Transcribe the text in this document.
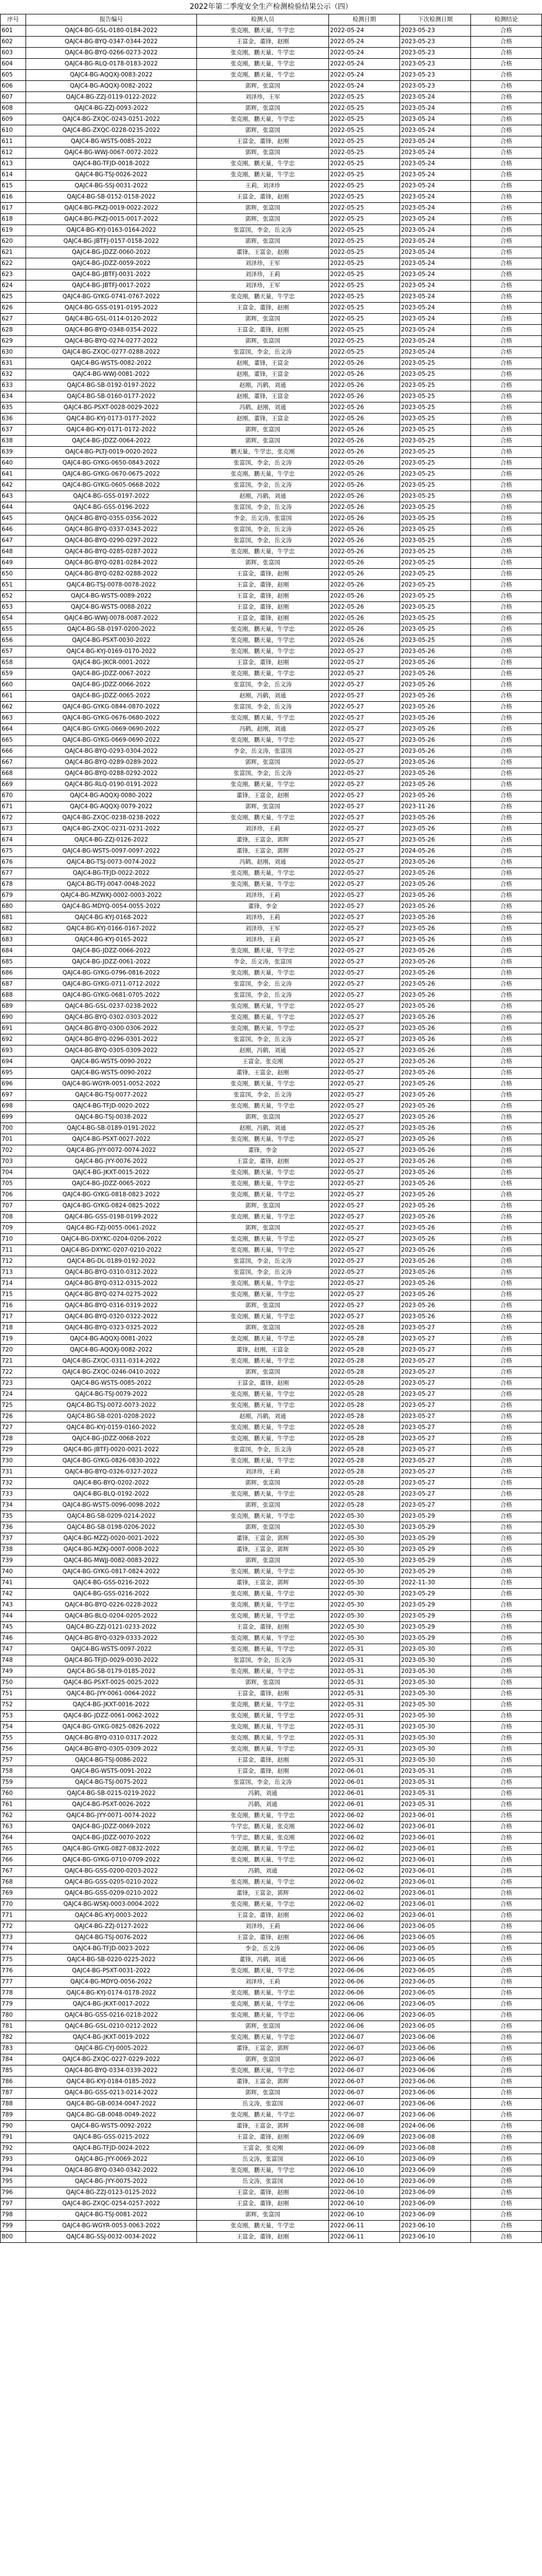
2022年第二季度安全生产检测检验结果公示（四）
序号	报告编号	检测人员	检测日期	下次检测日期	检测结论
601	QAJC4-BG-GSL-0180-0184-2022	张克刚，鹏天量，牛学忠	2022-05-24	2023-05-23	合格
602	QAJC4-BG-BYQ-0347-0344-2022	王富金，董锋，赵刚	2022-05-24	2023-05-23	合格
603	QAJC4-BG-BYQ-0266-0273-2022	张克刚，鹏天量，牛学忠	2022-05-24	2023-05-23	合格
604	QAJC4-BG-RLQ-0178-0183-2022	张克刚，鹏天量，牛学忠	2022-05-24	2023-05-23	合格
605	QAJC4-BG-AQQXJ-0083-2022	张克刚，鹏天量，牛学忠	2022-05-24	2023-05-23	合格
606	QAJC4-BG-AQQXJ-0082-2022	郭辉，张富国	2022-05-24	2023-05-23	合格
607	QAJC4-BG-ZZJ-0119-0122-2022	刘泽珍，王军	2022-05-25	2023-05-24	合格
608	QAJC4-BG-ZZJ-0093-2022	郭辉，张富国	2022-05-25	2023-05-24	合格
609	QAJC4-BG-ZXQC-0243-0251-2022	张克刚，鹏天量，牛学忠	2022-05-25	2023-05-24	合格
610	QAJC4-BG-ZXQC-0228-0235-2022	郭辉，张富国	2022-05-25	2023-05-24	合格
611	QAJC4-BG-WSTS-0085-2022	王富金，董锋，赵刚	2022-05-25	2023-05-24	合格
612	QAJC4-BG-WWJ-0067-0072-2022	郭辉，张富国	2022-05-25	2023-05-24	合格
613	QAJC4-BG-TFJD-0018-2022	张克刚，鹏天量，牛学忠	2022-05-25	2023-05-24	合格
614	QAJC4-BG-TSJ-0026-2022	张克刚，鹏天量，牛学忠	2022-05-25	2023-05-24	合格
615	QAJC4-BG-SSJ-0031-2022	王莉，刘泽珍	2022-05-25	2023-05-24	合格
616	QAJC4-BG-SB-0152-0158-2022	王富金，董锋，赵刚	2022-05-25	2023-05-24	合格
617	QAJC4-BG-PKZJ-0019-0022-2022	郭辉，张富国	2022-05-25	2023-05-24	合格
618	QAJC4-BG-PKZJ-0015-0017-2022	郭辉，张富国	2022-05-25	2023-05-24	合格
619	QAJC4-BG-KYJ-0163-0164-2022	张富国，李金，岳文涛	2022-05-25	2023-05-24	合格
620	QAJC4-BG-JBTFJ-0157-0158-2022	郭辉，张富国	2022-05-25	2023-05-24	合格
621	QAJC4-BG-JDZZ-0060-2022	董锋，王富金，赵刚	2022-05-25	2023-05-24	合格
622	QAJC4-BG-JDZZ-0059-2022	刘泽珍，王军	2022-05-25	2023-05-24	合格
623	QAJC4-BG-JBTFJ-0031-2022	刘泽珍，王莉	2022-05-25	2023-05-24	合格
624	QAJC4-BG-JBTFJ-0017-2022	刘泽珍，王军	2022-05-25	2023-05-24	合格
625	QAJC4-BG-GYKG-0741-0767-2022	张克刚，鹏天量，牛学忠	2022-05-25	2023-05-24	合格
626	QAJC4-BG-GSS-0191-0195-2022	王富金，董锋，赵刚	2022-05-25	2023-05-24	合格
627	QAJC4-BG-GSL-0114-0120-2022	郭辉，张富国	2022-05-25	2023-05-24	合格
628	QAJC4-BG-BYQ-0348-0354-2022	王富金，董锋，赵刚	2022-05-25	2023-05-24	合格
629	QAJC4-BG-BYQ-0274-0277-2022	郭辉，张富国	2022-05-25	2023-05-24	合格
630	QAJC4-BG-ZXQC-0277-0288-2022	张富国，李金，岳文涛	2022-05-25	2023-05-24	合格
631	QAJC4-BG-WSTS-0082-2022	赵刚，董锋，王富金	2022-05-26	2023-05-25	合格
632	QAJC4-BG-WWJ-0081-2022	赵刚，董锋，王富金	2022-05-26	2023-05-25	合格
633	QAJC4-BG-SB-0192-0197-2022	赵刚，冯鹤，刘通	2022-05-26	2023-05-25	合格
634	QAJC4-BG-SB-0160-0177-2022	赵刚，董锋，王富金	2022-05-26	2023-05-25	合格
635	QAJC4-BG-PSXT-0028-0029-2022	冯鹤，赵刚，刘通	2022-05-26	2023-05-25	合格
636	QAJC4-BG-KYJ-0173-0177-2022	赵刚，董锋，王富金	2022-05-26	2023-05-25	合格
637	QAJC4-BG-KYJ-0171-0172-2022	郭辉，张富国	2022-05-26	2023-05-25	合格
638	QAJC4-BG-JDZZ-0064-2022	郭辉，张富国	2022-05-26	2023-05-25	合格
639	QAJC4-BG-PLTJ-0019-0020-2022	鹏天量，牛学忠，张克刚	2022-05-26	2023-05-25	合格
640	QAJC4-BG-GYKG-0650-0843-2022	张富国，李金，岳文涛	2022-05-26	2023-05-25	合格
641	QAJC4-BG-GYKG-0670-0675-2022	张克刚，鹏天量，牛学忠	2022-05-26	2023-05-25	合格
642	QAJC4-BG-GYKG-0605-0668-2022	张富国，李金，岳文涛	2022-05-26	2023-05-25	合格
643	QAJC4-BG-GSS-0197-2022	赵刚，冯鹤，刘通	2022-05-26	2023-05-25	合格
644	QAJC4-BG-GSS-0196-2022	张富国，李金，岳文涛	2022-05-26	2023-05-25	合格
645	QAJC4-BG-BYQ-0355-0356-2022	李金，岳文涛，张富国	2022-05-26	2023-05-25	合格
646	QAJC4-BG-BYQ-0337-0343-2022	张富国，李金，岳文涛	2022-05-26	2023-05-25	合格
647	QAJC4-BG-BYQ-0290-0297-2022	张富国，李金，岳文涛	2022-05-26	2023-05-25	合格
648	QAJC4-BG-BYQ-0285-0287-2022	张克刚，鹏天量，牛学忠	2022-05-26	2023-05-25	合格
649	QAJC4-BG-BYQ-0281-0284-2022	郭辉，张富国	2022-05-26	2023-05-25	合格
650	QAJC4-BG-BYQ-0282-0288-2022	王富金，董锋，赵刚	2022-05-26	2023-05-25	合格
651	QAJC4-BG-TSJ-0078-0078-2022	王富金，董锋，赵刚	2022-05-26	2023-05-25	合格
652	QAJC4-BG-WSTS-0089-2022	王富金，董锋，赵刚	2022-05-26	2023-05-25	合格
653	QAJC4-BG-WSTS-0088-2022	王富金，董锋，赵刚	2022-05-26	2023-05-25	合格
654	QAJC4-BG-WWJ-0078-0087-2022	王富金，董锋，赵刚	2022-05-26	2023-05-25	合格
655	QAJC4-BG-SB-0197-0200-2022	张克刚，鹏天量，牛学忠	2022-05-26	2023-05-25	合格
656	QAJC4-BG-PSXT-0030-2022	张克刚，鹏天量，牛学忠	2022-05-26	2023-05-25	合格
657	QAJC4-BG-KYJ-0169-0170-2022	张克刚，鹏天量，牛学忠	2022-05-27	2023-05-26	合格
658	QAJC4-BG-JKCR-0001-2022	王富金，董锋，赵刚	2022-05-27	2023-05-26	合格
659	QAJC4-BG-JDZZ-0067-2022	张克刚，鹏天量，牛学忠	2022-05-27	2023-05-26	合格
660	QAJC4-BG-JDZZ-0066-2022	张富国，李金，岳文涛	2022-05-27	2023-05-26	合格
661	QAJC4-BG-JDZZ-0065-2022	赵刚，冯鹤，刘通	2022-05-27	2023-05-26	合格
662	QAJC4-BG-GYKG-0844-0870-2022	张富国，李金，岳文涛	2022-05-27	2023-05-26	合格
663	QAJC4-BG-GYKG-0676-0680-2022	张克刚，鹏天量，牛学忠	2022-05-27	2023-05-26	合格
664	QAJC4-BG-GYKG-0669-0690-2022	冯鹤，赵刚，刘通	2022-05-27	2023-05-26	合格
665	QAJC4-BG-GYKG-0669-0690-2022	张克刚，鹏天量，牛学忠	2022-05-27	2023-05-26	合格
666	QAJC4-BG-BYQ-0293-0304-2022	李金，岳文涛，张富国	2022-05-27	2023-05-26	合格
667	QAJC4-BG-BYQ-0289-0289-2022	郭辉，张富国	2022-05-27	2023-05-26	合格
668	QAJC4-BG-BYQ-0288-0292-2022	张富国，李金，岳文涛	2022-05-27	2023-05-26	合格
669	QAJC4-BG-RLQ-0190-0191-2022	张克刚，鹏天量，牛学忠	2022-05-27	2023-05-26	合格
670	QAJC4-BG-AQQXJ-0080-2022	董锋，王富金，赵刚	2022-05-27	2023-05-26	合格
671	QAJC4-BG-AQQXJ-0079-2022	郭辉，张富国	2022-05-27	2023-11-26	合格
672	QAJC4-BG-ZXQC-0238-0238-2022	张克刚，鹏天量，牛学忠	2022-05-27	2023-05-26	合格
673	QAJC4-BG-ZXQC-0231-0231-2022	刘泽珍，王莉	2022-05-27	2023-05-26	合格
674	QAJC4-BG-ZZJ-0126-2022	董锋，王富金，郭辉	2022-05-27	2023-05-26	合格
675	QAJC4-BG-WSTS-0097-0097-2022	董锋，王富金，郭辉	2022-05-27	2024-05-26	合格
676	QAJC4-BG-TSJ-0073-0074-2022	冯鹤，赵刚，刘通	2022-05-27	2023-05-26	合格
677	QAJC4-BG-TFJD-0022-2022	张克刚，鹏天量，牛学忠	2022-05-27	2023-05-26	合格
678	QAJC4-BG-TFJ-0047-0048-2022	张克刚，鹏天量，牛学忠	2022-05-27	2023-05-26	合格
679	QAJC4-BG-MZWKJ-0002-0003-2022	刘泽珍，王莉	2022-05-27	2023-05-26	合格
680	QAJC4-BG-MDYQ-0054-0055-2022	董锋，李金	2022-05-27	2023-05-26	合格
681	QAJC4-BG-KYJ-0168-2022	刘泽珍，王莉	2022-05-27	2023-05-26	合格
682	QAJC4-BG-KYJ-0166-0167-2022	刘泽珍，王军	2022-05-27	2023-05-26	合格
683	QAJC4-BG-KYJ-0165-2022	刘泽珍，王莉	2022-05-27	2023-05-26	合格
684	QAJC4-BG-JDZZ-0066-2022	张克刚，鹏天量，牛学忠	2022-05-27	2023-05-26	合格
685	QAJC4-BG-JDZZ-0061-2022	李金，岳文涛，张富国	2022-05-27	2023-05-26	合格
686	QAJC4-BG-GYKG-0796-0816-2022	张克刚，鹏天量，牛学忠	2022-05-27	2023-05-26	合格
687	QAJC4-BG-GYKG-0711-0712-2022	张富国，李金，岳文涛	2022-05-27	2023-05-26	合格
688	QAJC4-BG-GYKG-0681-0705-2022	张富国，李金，岳文涛	2022-05-27	2023-05-26	合格
689	QAJC4-BG-GSL-0237-0238-2022	张克刚，鹏天量，牛学忠	2022-05-27	2023-05-26	合格
690	QAJC4-BG-BYQ-0302-0303-2022	张克刚，鹏天量，牛学忠	2022-05-27	2023-05-26	合格
691	QAJC4-BG-BYQ-0300-0306-2022	张克刚，鹏天量，牛学忠	2022-05-27	2023-05-26	合格
692	QAJC4-BG-BYQ-0296-0301-2022	张富国，李金，岳文涛	2022-05-27	2023-05-26	合格
693	QAJC4-BG-BYQ-0305-0309-2022	赵刚，冯鹤，刘通	2022-05-27	2023-05-26	合格
694	QAJC4-BG-WSTS-0090-2022	王富金，张克刚	2022-05-27	2023-05-26	合格
695	QAJC4-BG-WSTS-0090-2022	董锋，王富金，赵刚	2022-05-27	2023-05-26	合格
696	QAJC4-BG-WGYR-0051-0052-2022	张克刚，鹏天量，牛学忠	2022-05-27	2023-05-26	合格
697	QAJC4-BG-TSJ-0077-2022	张富国，李金，岳文涛	2022-05-27	2023-05-26	合格
698	QAJC4-BG-TFJD-0020-2022	张克刚，鹏天量，牛学忠	2022-05-27	2023-05-26	合格
699	QAJC4-BG-TSJ-0038-2022	郭辉，张富国	2022-05-27	2023-05-26	合格
700	QAJC4-BG-SB-0189-0191-2022	赵刚，冯鹤，刘通	2022-05-27	2023-05-26	合格
701	QAJC4-BG-PSXT-0027-2022	张克刚，鹏天量，牛学忠	2022-05-27	2023-05-26	合格
702	QAJC4-BG-JYY-0072-0074-2022	董锋，李金	2022-05-27	2023-05-26	合格
703	QAJC4-BG-JYY-0076-2022	王富金，董锋，赵刚	2022-05-27	2023-05-26	合格
704	QAJC4-BG-JKXT-0015-2022	张克刚，鹏天量，牛学忠	2022-05-27	2023-05-26	合格
705	QAJC4-BG-JDZZ-0065-2022	张克刚，鹏天量，牛学忠	2022-05-27	2023-05-26	合格
706	QAJC4-BG-GYKG-0818-0823-2022	张克刚，鹏天量，牛学忠	2022-05-27	2023-05-26	合格
707	QAJC4-BG-GYKG-0824-0825-2022	郭辉，张富国	2022-05-27	2023-05-26	合格
708	QAJC4-BG-GSS-0198-0199-2022	张克刚，鹏天量，牛学忠	2022-05-27	2023-05-26	合格
709	QAJC4-BG-FZJ-0055-0061-2022	郭辉，张富国	2022-05-27	2023-05-26	合格
710	QAJC4-BG-DXYKC-0204-0206-2022	张克刚，鹏天量，牛学忠	2022-05-27	2023-05-26	合格
711	QAJC4-BG-DXYKC-0207-0210-2022	张克刚，鹏天量，牛学忠	2022-05-27	2023-05-26	合格
712	QAJC4-BG-DL-0189-0192-2022	张富国，李金，岳文涛	2022-05-27	2023-05-26	合格
713	QAJC4-BG-BYQ-0310-0312-2022	张富国，李金，岳文涛	2022-05-27	2023-05-26	合格
714	QAJC4-BG-BYQ-0312-0315-2022	张克刚，鹏天量，牛学忠	2022-05-27	2023-05-26	合格
715	QAJC4-BG-BYQ-0274-0275-2022	张克刚，鹏天量，牛学忠	2022-05-27	2023-05-26	合格
716	QAJC4-BG-BYQ-0316-0319-2022	郭辉，张富国	2022-05-27	2023-05-26	合格
717	QAJC4-BG-BYQ-0320-0322-2022	张克刚，鹏天量，牛学忠	2022-05-27	2023-05-26	合格
718	QAJC4-BG-BYQ-0323-0325-2022	郭辉，张富国	2022-05-28	2023-05-27	合格
719	QAJC4-BG-AQQXJ-0081-2022	张克刚，鹏天量，牛学忠	2022-05-28	2023-05-27	合格
720	QAJC4-BG-AQQXJ-0082-2022	董锋，赵刚，王富金	2022-05-28	2023-05-27	合格
721	QAJC4-BG-ZXQC-0311-0314-2022	张克刚，鹏天量，牛学忠	2022-05-28	2023-05-27	合格
722	QAJC4-BG-ZXQC-0246-0410-2022	郭辉，张富国	2022-05-28	2023-05-27	合格
723	QAJC4-BG-WSTS-0085-2022	王富金，董锋，赵刚	2022-05-28	2023-05-27	合格
724	QAJC4-BG-TSJ-0079-2022	张克刚，鹏天量，牛学忠	2022-05-28	2023-05-27	合格
725	QAJC4-BG-TSJ-0072-0073-2022	张克刚，鹏天量，牛学忠	2022-05-28	2023-05-27	合格
726	QAJC4-BG-SB-0201-0208-2022	赵刚，冯鹤，刘通	2022-05-28	2023-05-27	合格
727	QAJC4-BG-KYJ-0159-0160-2022	张克刚，鹏天量，牛学忠	2022-05-28	2023-05-27	合格
728	QAJC4-BG-JDZZ-0068-2022	张克刚，鹏天量，牛学忠	2022-05-28	2023-05-27	合格
729	QAJC4-BG-JBTFJ-0020-0021-2022	张富国，李金，岳文涛	2022-05-28	2023-05-27	合格
730	QAJC4-BG-GYKG-0826-0830-2022	张克刚，鹏天量，牛学忠	2022-05-28	2023-05-27	合格
731	QAJC4-BG-BYQ-0326-0327-2022	刘泽珍，王莉	2022-05-28	2023-05-27	合格
732	QAJC4-BG-BYQ-0202-2022	郭辉，张富国	2022-05-28	2023-05-27	合格
733	QAJC4-BG-BLQ-0192-2022	张克刚，鹏天量，牛学忠	2022-05-28	2023-05-27	合格
734	QAJC4-BG-WSTS-0096-0098-2022	郭辉，张富国	2022-05-28	2023-05-27	合格
735	QAJC4-BG-SB-0209-0214-2022	张克刚，鹏天量，牛学忠	2022-05-30	2023-05-29	合格
736	QAJC4-BG-SB-0198-0206-2022	郭辉，张富国	2022-05-30	2023-05-29	合格
737	QAJC4-BG-MZZJ-0020-0021-2022	董锋，王富金，郭辉	2022-05-30	2023-05-29	合格
738	QAJC4-BG-MZKJ-0007-0008-2022	董锋，王富金，郭辉	2022-05-30	2023-05-29	合格
739	QAJC4-BG-MWJJ-0082-0083-2022	郭辉，张富国	2022-05-30	2023-05-29	合格
740	QAJC4-BG-GYKG-0817-0824-2022	张克刚，鹏天量，牛学忠	2022-05-30	2023-05-29	合格
741	QAJC4-BG-GSS-0216-2022	董锋，王富金，郭辉	2022-05-30	2022-11-30	合格
742	QAJC4-BG-GSS-0216-2022	张克刚，鹏天量，牛学忠	2022-05-30	2023-05-29	合格
743	QAJC4-BG-BYQ-0226-0228-2022	张克刚，鹏天量，牛学忠	2022-05-30	2023-05-29	合格
744	QAJC4-BG-BLQ-0204-0205-2022	张克刚，鹏天量，牛学忠	2022-05-30	2023-05-29	合格
745	QAJC4-BG-ZZJ-0121-0233-2022	王富金，董锋，赵刚	2022-05-30	2023-05-29	合格
746	QAJC4-BG-BYQ-0329-0333-2022	张克刚，鹏天量，牛学忠	2022-05-30	2023-05-29	合格
747	QAJC4-BG-WSTS-0097-2022	张克刚，鹏天量，牛学忠	2022-05-31	2023-05-30	合格
748	QAJC4-BG-TFJD-0029-0030-2022	张富国，李金，岳文涛	2022-05-31	2023-05-30	合格
749	QAJC4-BG-SB-0179-0185-2022	张克刚，鹏天量，牛学忠	2022-05-31	2023-05-30	合格
750	QAJC4-BG-PSXT-0025-0025-2022	郭辉，张富国	2022-05-31	2023-05-30	合格
751	QAJC4-BG-JYY-0061-0064-2022	王富金，董锋，赵刚	2022-05-31	2023-05-30	合格
752	QAJC4-BG-JKXT-0016-2022	张克刚，鹏天量，牛学忠	2022-05-31	2023-05-30	合格
753	QAJC4-BG-JDZZ-0061-0062-2022	张克刚，鹏天量，牛学忠	2022-05-31	2023-05-30	合格
754	QAJC4-BG-GYKG-0825-0826-2022	张克刚，鹏天量，牛学忠	2022-05-31	2023-05-30	合格
755	QAJC4-BG-BYQ-0310-0317-2022	张克刚，鹏天量，牛学忠	2022-05-31	2023-05-30	合格
756	QAJC4-BG-BYQ-0305-0309-2022	张克刚，鹏天量，牛学忠	2022-05-31	2023-05-30	合格
757	QAJC4-BG-TSJ-0086-2022	王富金，董锋，赵刚	2022-05-31	2023-05-30	合格
758	QAJC4-BG-WSTS-0091-2022	王富金，董锋，赵刚	2022-06-01	2023-05-31	合格
759	QAJC4-BG-TSJ-0075-2022	张富国，李金，岳文涛	2022-06-01	2023-05-31	合格
760	QAJC4-BG-SB-0215-0219-2022	冯鹤，刘通	2022-06-01	2023-05-31	合格
761	QAJC4-BG-PSXT-0026-2022	冯鹤，刘通	2022-06-01	2023-05-31	合格
762	QAJC4-BG-JYY-0071-0074-2022	张克刚，鹏天量，牛学忠	2022-06-02	2023-06-01	合格
763	QAJC4-BG-JDZZ-0069-2022	牛学忠，鹏天量，张克刚	2022-06-02	2023-06-01	合格
764	QAJC4-BG-JDZZ-0070-2022	牛学忠，鹏天量，张克刚	2022-06-02	2023-06-01	合格
765	QAJC4-BG-GYKG-0827-0832-2022	张克刚，鹏天量，牛学忠	2022-06-02	2023-06-01	合格
766	QAJC4-BG-GYKG-0710-0709-2022	张克刚，鹏天量，牛学忠	2022-06-02	2023-06-01	合格
767	QAJC4-BG-GSS-0200-0203-2022	冯鹤，刘通	2022-06-02	2023-06-01	合格
768	QAJC4-BG-GSS-0205-0210-2022	张克刚，鹏天量，牛学忠	2022-06-02	2023-06-01	合格
769	QAJC4-BG-GSS-0209-0210-2022	董锋，王富金，郭辉	2022-06-02	2023-06-01	合格
770	QAJC4-BG-WSKJ-0003-0004-2022	张克刚，鹏天量，牛学忠	2022-06-02	2023-06-01	合格
771	QAJC4-BG-KYJ-0003-2022	王富金，董锋，赵刚	2022-06-02	2023-06-01	合格
772	QAJC4-BG-ZZJ-0127-2022	刘泽珍，王莉	2022-06-06	2023-06-05	合格
773	QAJC4-BG-TSJ-0076-2022	王富金，董锋，赵刚	2022-06-06	2023-06-05	合格
774	QAJC4-BG-TFJD-0023-2022	李金，岳文涛	2022-06-06	2023-06-05	合格
775	QAJC4-BG-SB-0220-0225-2022	董锋，冯鹤，刘通	2022-06-06	2023-06-05	合格
776	QAJC4-BG-PSXT-0031-2022	张克刚，鹏天量，牛学忠	2022-06-06	2023-06-05	合格
777	QAJC4-BG-MDYQ-0056-2022	刘泽珍，王莉	2022-06-06	2023-06-05	合格
778	QAJC4-BG-KYJ-0174-0178-2022	张克刚，鹏天量，牛学忠	2022-06-06	2023-06-05	合格
779	QAJC4-BG-JKXT-0017-2022	张克刚，鹏天量，牛学忠	2022-06-06	2023-06-05	合格
780	QAJC4-BG-GSS-0216-0218-2022	张克刚，鹏天量，牛学忠	2022-06-06	2023-06-05	合格
781	QAJC4-BG-GSL-0210-0212-2022	郭辉，张富国	2022-06-06	2023-06-05	合格
782	QAJC4-BG-JKXT-0019-2022	张克刚，鹏天量，牛学忠	2022-06-07	2023-06-06	合格
783	QAJC4-BG-CYJ-0005-2022	董锋，王富金，郭辉	2022-06-07	2023-06-06	合格
784	QAJC4-BG-ZXQC-0227-0229-2022	郭辉，张富国	2022-06-07	2023-06-06	合格
785	QAJC4-BG-BYQ-0334-0339-2022	张克刚，鹏天量，牛学忠	2022-06-07	2023-06-06	合格
786	QAJC4-BG-KYJ-0184-0185-2022	董锋，王富金，郭辉	2022-06-07	2023-06-06	合格
787	QAJC4-BG-GSS-0213-0214-2022	郭辉，张富国	2022-06-07	2023-06-06	合格
788	QAJC4-BG-GB-0034-0047-2022	岳文涛，张富国	2022-06-07	2023-06-06	合格
789	QAJC4-BG-GB-0048-0049-2022	张克刚，鹏天量，牛学忠	2022-06-07	2023-06-06	合格
790	QAJC4-BG-WSTS-0092-2022	董锋，王富金，郭辉	2022-06-08	2024-06-06	合格
791	QAJC4-BG-GSS-0215-2022	王富金，董锋，赵刚	2022-06-09	2023-06-08	合格
792	QAJC4-BG-TFJD-0024-2022	王富金，张克刚	2022-06-09	2023-06-08	合格
793	QAJC4-BG-JYY-0069-2022	岳文涛，张富国	2022-06-10	2023-06-09	合格
794	QAJC4-BG-BYQ-0340-0342-2022	张克刚，鹏天量，牛学忠	2022-06-10	2023-06-09	合格
795	QAJC4-BG-JYY-0075-2022	岳文涛，张富国	2022-06-10	2023-06-09	合格
796	QAJC4-BG-ZZJ-0123-0125-2022	王富金，董锋，赵刚	2022-06-10	2023-06-09	合格
797	QAJC4-BG-ZXQC-0254-0257-2022	王富金，董锋，赵刚	2022-06-10	2023-06-09	合格
798	QAJC4-BG-TSJ-0081-2022	郭辉，张富国	2022-06-10	2023-06-09	合格
799	QAJC4-BG-WGYR-0053-0063-2022	张克刚，鹏天量，牛学忠	2022-06-11	2023-06-10	合格
800	QAJC4-BG-SSJ-0032-0034-2022	王富金，董锋，赵刚	2022-06-11	2023-06-10	合格
